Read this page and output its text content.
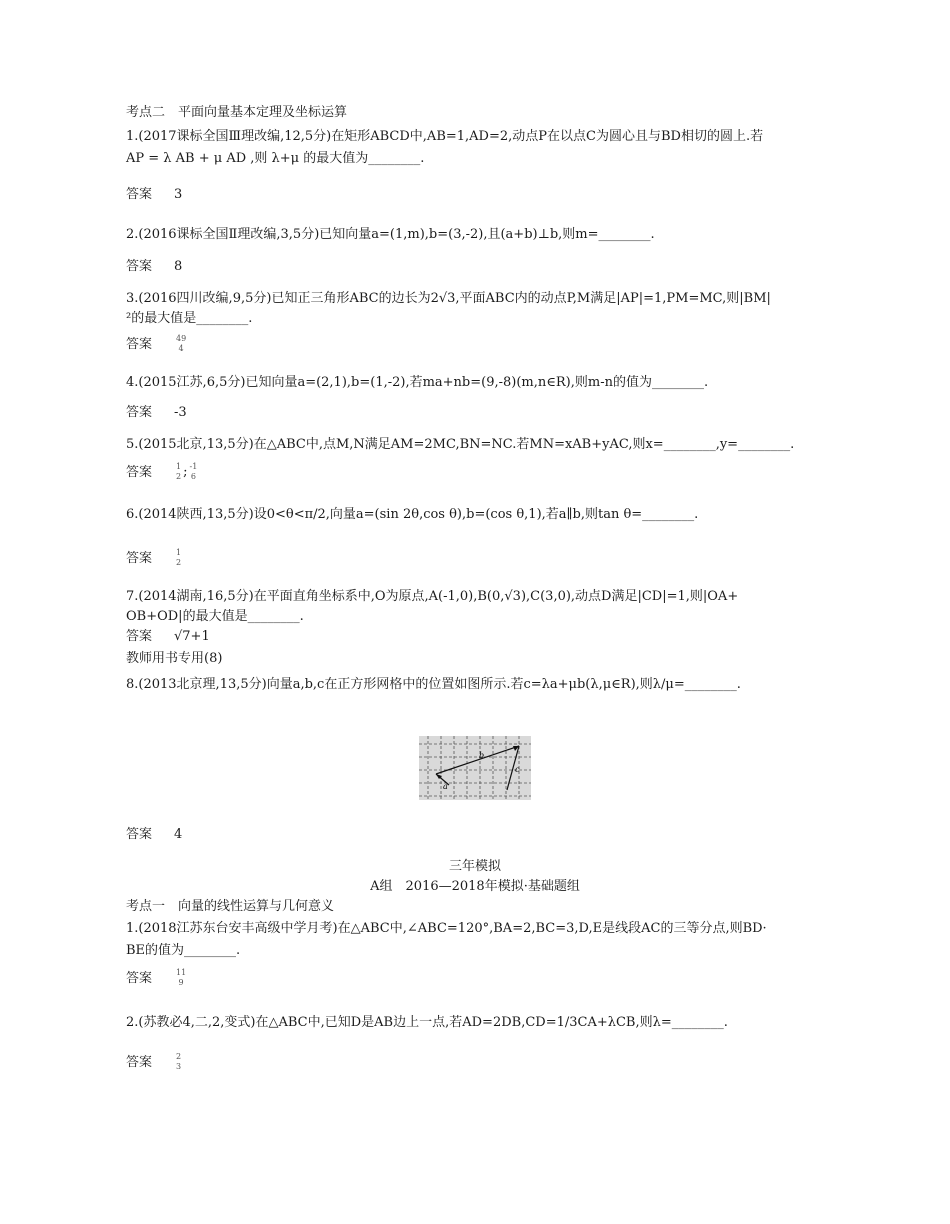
考点二　平面向量基本定理及坐标运算
1.(2017课标全国Ⅲ理改编,12,5分)在矩形ABCD中,AB=1,AD=2,动点P在以点C为圆心且与BD相切的圆上.若
AP = λ AB + μ AD ,则 λ+μ 的最大值为________.
答案 3
2.(2016课标全国Ⅱ理改编,3,5分)已知向量a=(1,m),b=(3,-2),且(a+b)⊥b,则m=________.
答案 8
3.(2016四川改编,9,5分)已知正三角形ABC的边长为2√3,平面ABC内的动点P,M满足|AP|=1,PM=MC,则|BM|
²的最大值是________.
答案	49
4
4.(2015江苏,6,5分)已知向量a=(2,1),b=(1,-2),若ma+nb=(9,-8)(m,n∈R),则m-n的值为________.
答案 -3
5.(2015北京,13,5分)在△ABC中,点M,N满足AM=2MC,BN=NC.若MN=xAB+yAC,则x=________,y=________.
答案	1
2 ; -1
6
6.(2014陕西,13,5分)设0<θ<π/2,向量a=(sin 2θ,cos θ),b=(cos θ,1),若a∥b,则tan θ=________.
答案	1
2
7.(2014湖南,16,5分)在平面直角坐标系中,O为原点,A(-1,0),B(0,√3),C(3,0),动点D满足|CD|=1,则|OA+
OB+OD|的最大值是________.
答案 √7+1
教师用书专用(8)
8.(2013北京理,13,5分)向量a,b,c在正方形网格中的位置如图所示.若c=λa+μb(λ,μ∈R),则λ/μ=________.
a
b
c
答案 4
三年模拟
A组　2016—2018年模拟·基础题组
考点一　向量的线性运算与几何意义
1.(2018江苏东台安丰高级中学月考)在△ABC中,∠ABC=120°,BA=2,BC=3,D,E是线段AC的三等分点,则BD·
BE的值为________.
答案	11
9
2.(苏教必4,二,2,变式)在△ABC中,已知D是AB边上一点,若AD=2DB,CD=1/3CA+λCB,则λ=________.
答案	2
3
